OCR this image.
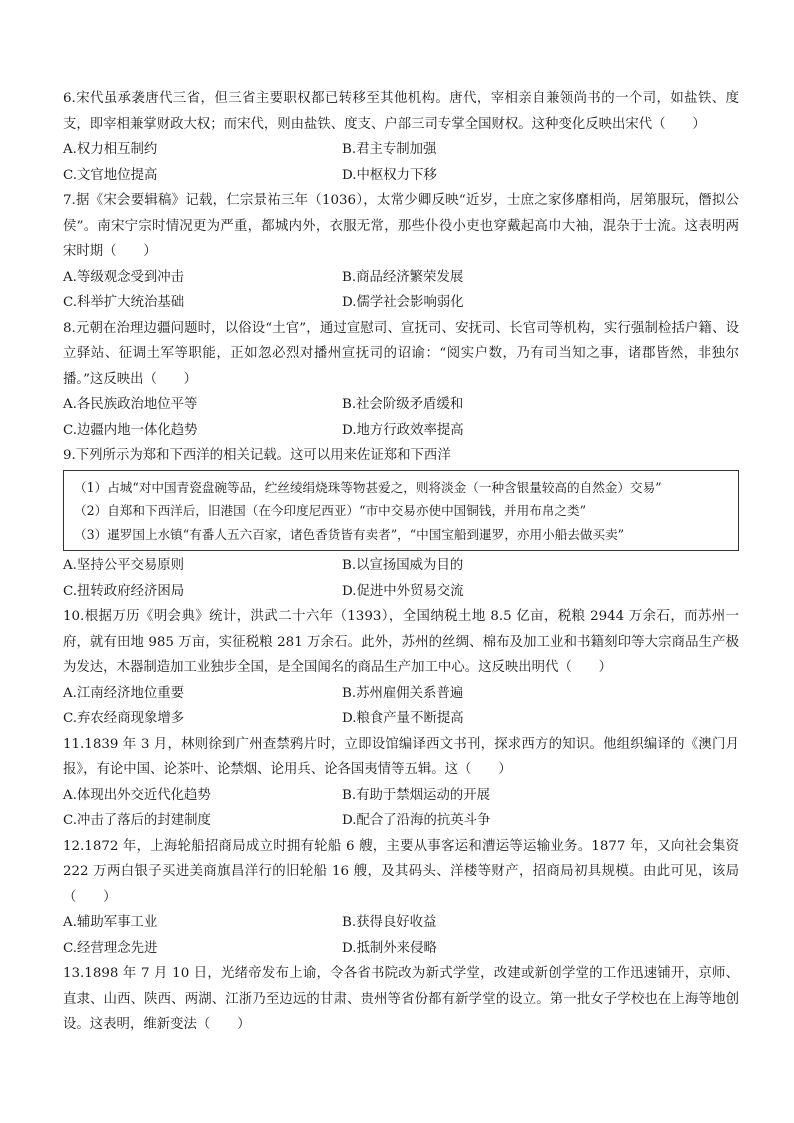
6.宋代虽承袭唐代三省，但三省主要职权都已转移至其他机构。唐代，宰相亲自兼领尚书的一个司，如盐铁、度支，即宰相兼掌财政大权；而宋代，则由盐铁、度支、户部三司专掌全国财权。这种变化反映出宋代（　　）
A.权力相互制约	B.君主专制加强
C.文官地位提高	D.中枢权力下移
7.据《宋会要辑稿》记载，仁宗景祐三年（1036），太常少卿反映“近岁，士庶之家侈靡相尚，居第服玩，僭拟公侯”。南宋宁宗时情况更为严重，都城内外，衣服无常，那些仆役小吏也穿戴起高巾大袖，混杂于士流。这表明两宋时期（　　）
A.等级观念受到冲击	B.商品经济繁荣发展
C.科举扩大统治基础	D.儒学社会影响弱化
8.元朝在治理边疆问题时，以俗设“土官”，通过宣慰司、宣抚司、安抚司、长官司等机构，实行强制检括户籍、设立驿站、征调土军等职能，正如忽必烈对播州宣抚司的诏谕：“阅实户数，乃有司当知之事，诸郡皆然，非独尔播。”这反映出（　　）
A.各民族政治地位平等	B.社会阶级矛盾缓和
C.边疆内地一体化趋势	D.地方行政效率提高
9.下列所示为郑和下西洋的相关记载。这可以用来佐证郑和下西洋
（1）占城“对中国青瓷盘碗等品，纻丝绫绢烧珠等物甚爱之，则将淡金（一种含银量较高的自然金）交易”
（2）自郑和下西洋后，旧港国（在今印度尼西亚）“市中交易亦使中国铜钱，并用布帛之类”
（3）暹罗国上水镇“有番人五六百家，诸色香货皆有卖者”，“中国宝船到暹罗，亦用小船去做买卖”
A.坚持公平交易原则	B.以宣扬国威为目的
C.扭转政府经济困局	D.促进中外贸易交流
10.根据万历《明会典》统计，洪武二十六年（1393），全国纳税土地 8.5 亿亩，税粮 2944 万余石，而苏州一府，就有田地 985 万亩，实征税粮 281 万余石。此外，苏州的丝绸、棉布及加工业和书籍刻印等大宗商品生产极为发达，木器制造加工业独步全国，是全国闻名的商品生产加工中心。这反映出明代（　　）
A.江南经济地位重要	B.苏州雇佣关系普遍
C.弃农经商现象增多	D.粮食产量不断提高
11.1839 年 3 月，林则徐到广州查禁鸦片时，立即设馆编译西文书刊，探求西方的知识。他组织编译的《澳门月报》，有论中国、论茶叶、论禁烟、论用兵、论各国夷情等五辑。这（　　）
A.体现出外交近代化趋势	B.有助于禁烟运动的开展
C.冲击了落后的封建制度	D.配合了沿海的抗英斗争
12.1872 年，上海轮船招商局成立时拥有轮船 6 艘，主要从事客运和漕运等运输业务。1877 年，又向社会集资 222 万两白银子买进美商旗昌洋行的旧轮船 16 艘，及其码头、洋楼等财产，招商局初具规模。由此可见，该局（　　）
A.辅助军事工业	B.获得良好收益
C.经营理念先进	D.抵制外来侵略
13.1898 年 7 月 10 日，光绪帝发布上谕，令各省书院改为新式学堂，改建或新创学堂的工作迅速铺开，京师、直隶、山西、陕西、两湖、江浙乃至边远的甘肃、贵州等省份都有新学堂的设立。第一批女子学校也在上海等地创设。这表明，维新变法（　　）
